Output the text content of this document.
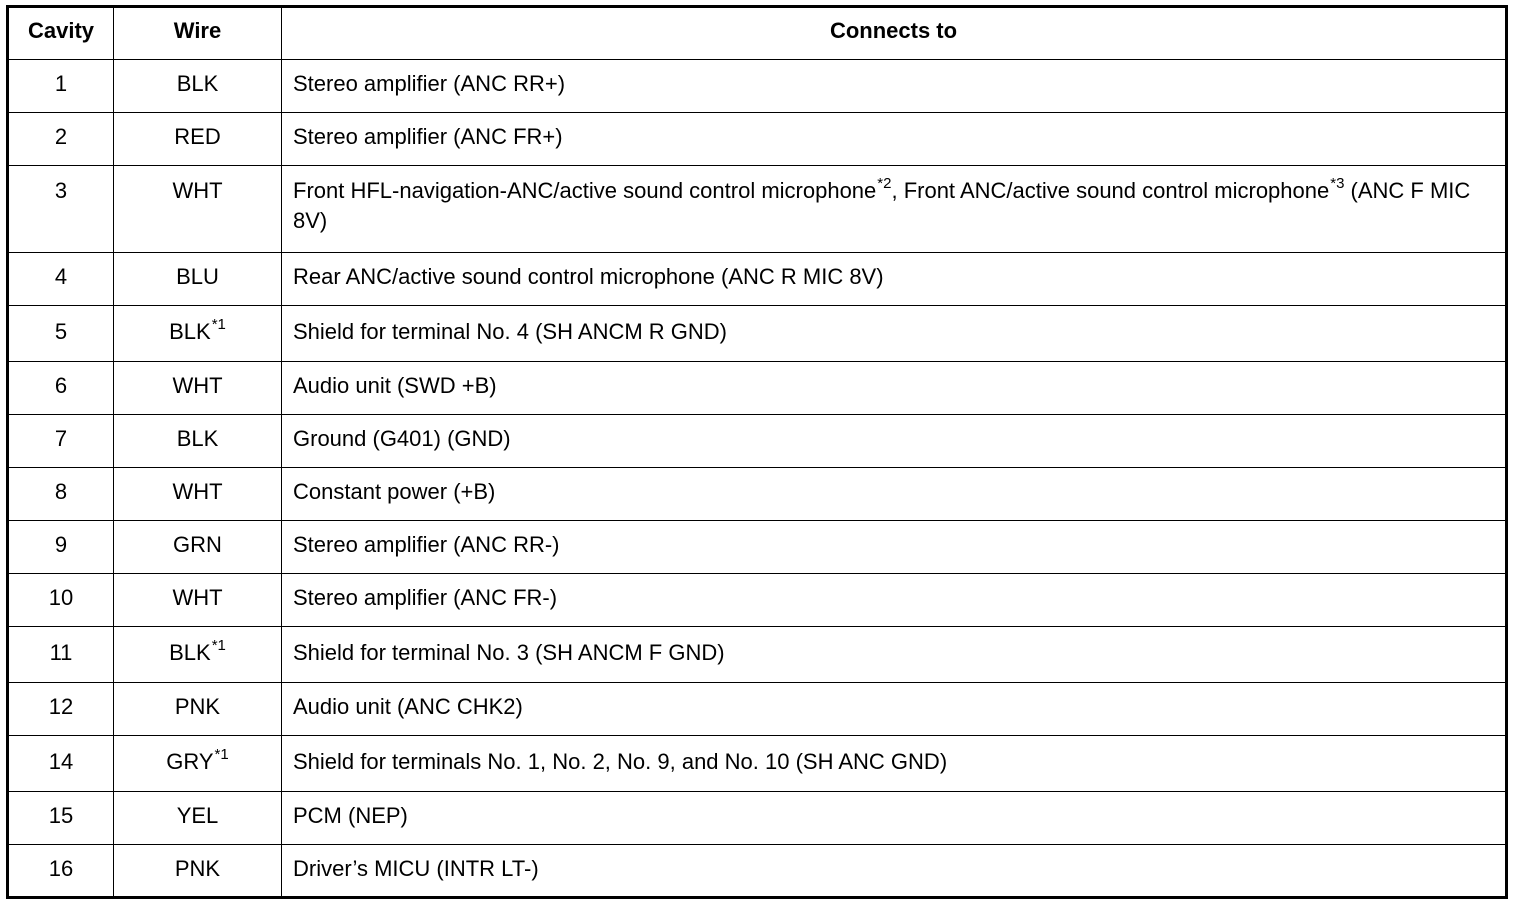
Cavity	Wire	Connects to
1	BLK	Stereo amplifier (ANC RR+)
2	RED	Stereo amplifier (ANC FR+)
3	WHT	Front HFL-navigation-ANC/active sound control microphone$^{*2}$, Front ANC/active sound control microphone$^{*3}$ (ANC F MIC 8V)
4	BLU	Rear ANC/active sound control microphone (ANC R MIC 8V)
5	BLK$^{*1}$	Shield for terminal No. 4 (SH ANCM R GND)
6	WHT	Audio unit (SWD +B)
7	BLK	Ground (G401) (GND)
8	WHT	Constant power (+B)
9	GRN	Stereo amplifier (ANC RR-)
10	WHT	Stereo amplifier (ANC FR-)
11	BLK$^{*1}$	Shield for terminal No. 3 (SH ANCM F GND)
12	PNK	Audio unit (ANC CHK2)
14	GRY$^{*1}$	Shield for terminals No. 1, No. 2, No. 9, and No. 10 (SH ANC GND)
15	YEL	PCM (NEP)
16	PNK	Driver’s MICU (INTR LT-)
